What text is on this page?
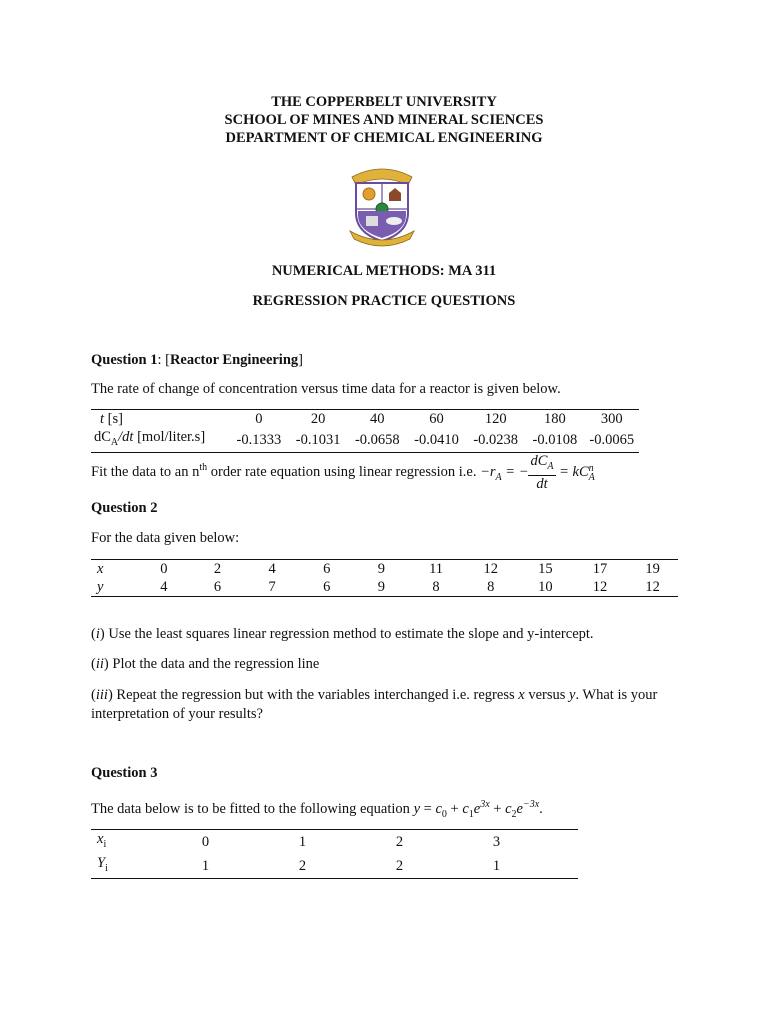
THE COPPERBELT UNIVERSITY
SCHOOL OF MINES AND MINERAL SCIENCES
DEPARTMENT OF CHEMICAL ENGINEERING
NUMERICAL METHODS: MA 311
REGRESSION PRACTICE QUESTIONS
Question 1: [Reactor Engineering]
The rate of change of concentration versus time data for a reactor is given below.
t [s]	0	20	40	60	120	180	300
$dC_A/dt$ [mol/liter.s]	-0.1333	-0.1031	-0.0658	-0.0410	-0.0238	-0.0108	-0.0065
Fit the data to an $n^{th}$ order rate equation using linear regression i.e. $-r_A$ = − $\frac{dC_A}{dt}$ = kC n
A
Question 2
For the data given below:
x	0	2	4	6	9	11	12	15	17	19
y	4	6	7	6	9	8	8	10	12	12
(i) Use the least squares linear regression method to estimate the slope and y-intercept.
(ii) Plot the data and the regression line
(iii) Repeat the regression but with the variables interchanged i.e. regress x versus y. What is your
interpretation of your results?
Question 3
The data below is to be fitted to the following equation $y = c_0 + c_1e^{3x} + c_2e^{-3x}$.
$x_i$	0	1	2	3	
$Y_i$	1	2	2	1	
